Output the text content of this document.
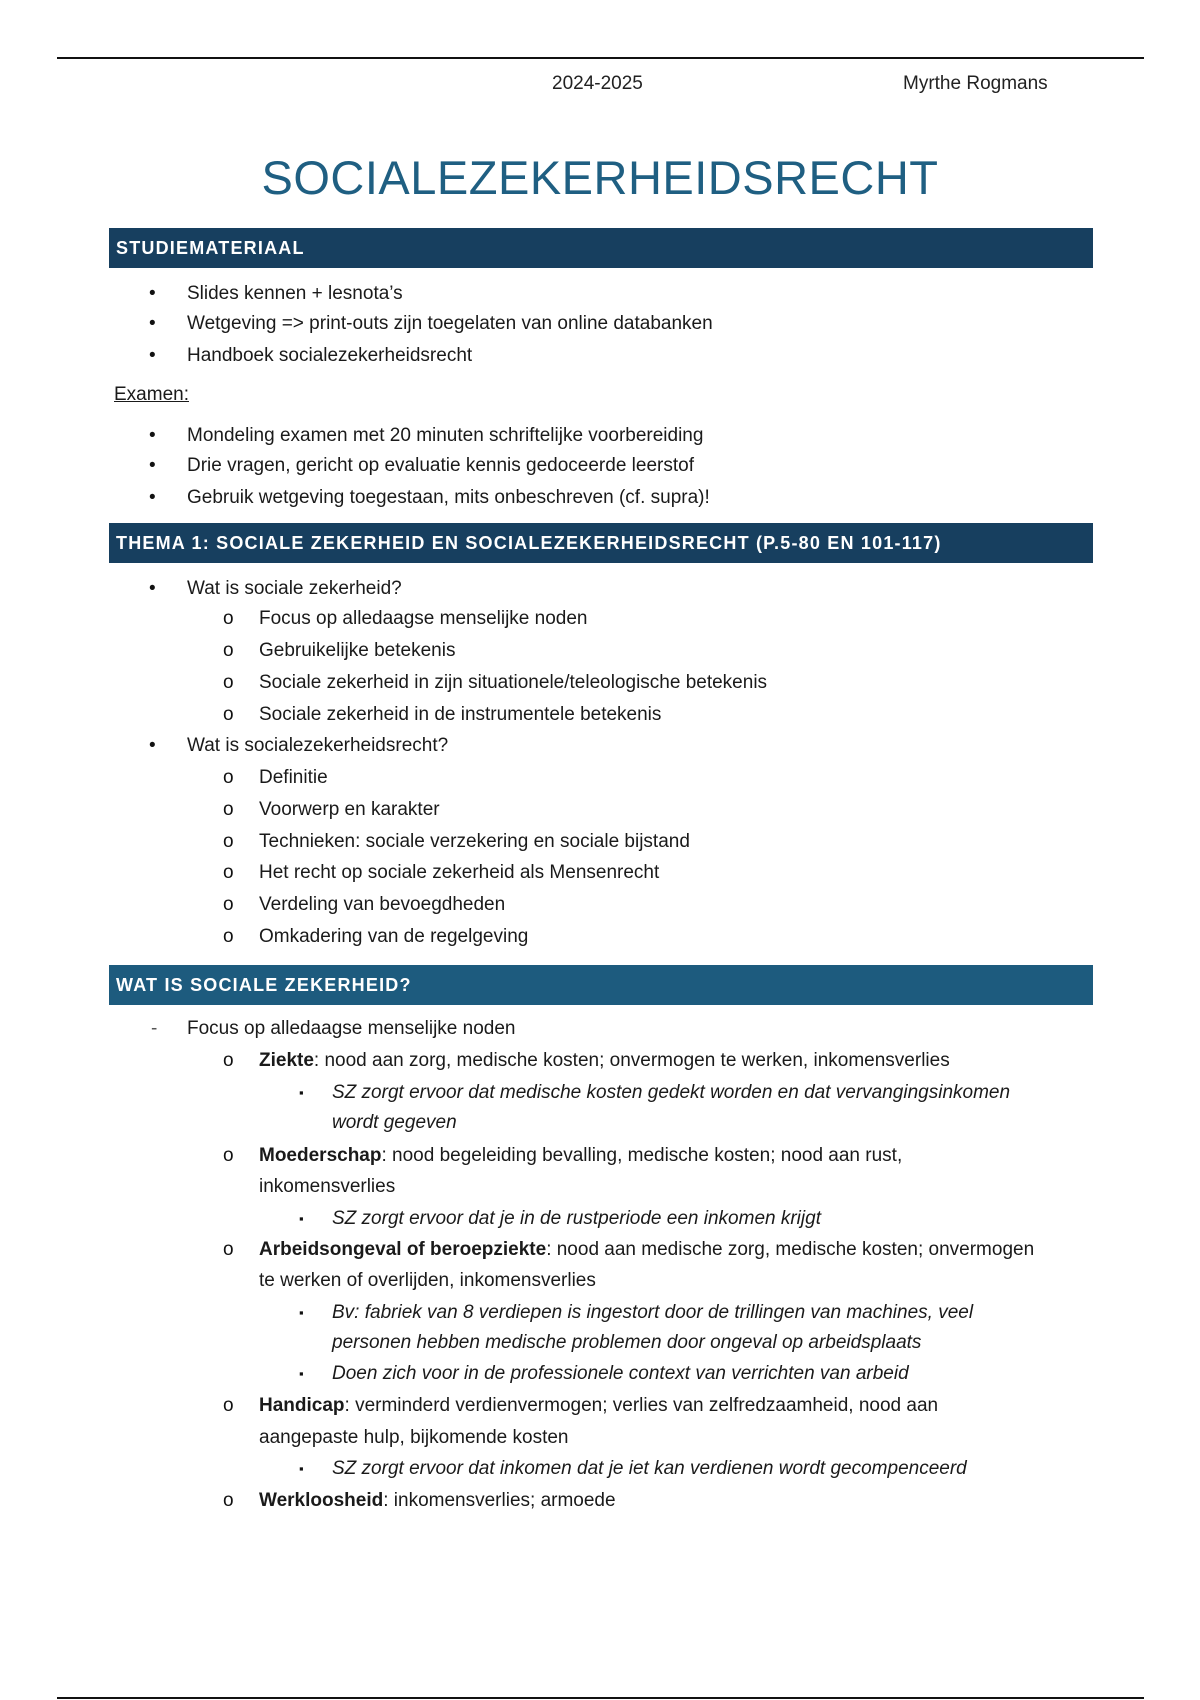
2024-2025	Myrthe Rogmans
SOCIALEZEKERHEIDSRECHT
STUDIEMATERIAAL
• Slides kennen + lesnota’s
• Wetgeving => print-outs zijn toegelaten van online databanken
• Handboek socialezekerheidsrecht
Examen:
• Mondeling examen met 20 minuten schriftelijke voorbereiding
• Drie vragen, gericht op evaluatie kennis gedoceerde leerstof
• Gebruik wetgeving toegestaan, mits onbeschreven (cf. supra)!
THEMA 1: SOCIALE ZEKERHEID EN SOCIALEZEKERHEIDSRECHT (P.5-80 EN 101-117)
• Wat is sociale zekerheid?
o Focus op alledaagse menselijke noden
o Gebruikelijke betekenis
o Sociale zekerheid in zijn situationele/teleologische betekenis
o Sociale zekerheid in de instrumentele betekenis
• Wat is socialezekerheidsrecht?
o Definitie
o Voorwerp en karakter
o Technieken: sociale verzekering en sociale bijstand
o Het recht op sociale zekerheid als Mensenrecht
o Verdeling van bevoegdheden
o Omkadering van de regelgeving
WAT IS SOCIALE ZEKERHEID?
- Focus op alledaagse menselijke noden
o Ziekte: nood aan zorg, medische kosten; onvermogen te werken, inkomensverlies
▪ SZ zorgt ervoor dat medische kosten gedekt worden en dat vervangingsinkomen
wordt gegeven
o Moederschap: nood begeleiding bevalling, medische kosten; nood aan rust,
inkomensverlies
▪ SZ zorgt ervoor dat je in de rustperiode een inkomen krijgt
o Arbeidsongeval of beroepziekte: nood aan medische zorg, medische kosten; onvermogen
te werken of overlijden, inkomensverlies
▪ Bv: fabriek van 8 verdiepen is ingestort door de trillingen van machines, veel
personen hebben medische problemen door ongeval op arbeidsplaats
▪ Doen zich voor in de professionele context van verrichten van arbeid
o Handicap: verminderd verdienvermogen; verlies van zelfredzaamheid, nood aan
aangepaste hulp, bijkomende kosten
▪ SZ zorgt ervoor dat inkomen dat je iet kan verdienen wordt gecompenceerd
o Werkloosheid: inkomensverlies; armoede
